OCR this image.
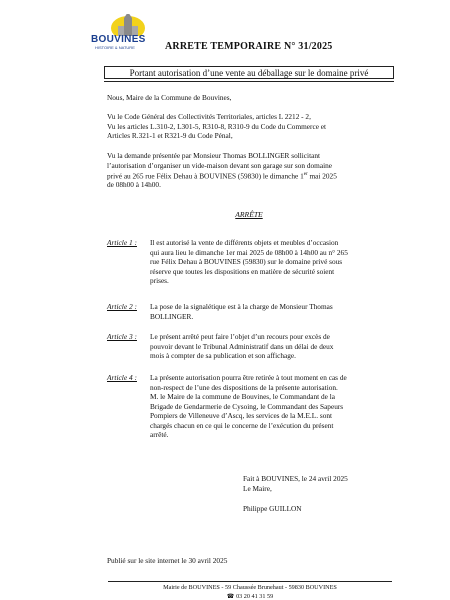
BOUVINES
HISTOIRE & NATURE	ARRETE TEMPORAIRE N° 31/2025
Portant autorisation d’une vente au déballage sur le domaine privé
Nous, Maire de la Commune de Bouvines,
Vu le Code Général des Collectivités Territoriales, articles L 2212 - 2,
Vu les articles L.310-2, L301-5, R310-8, R310-9 du Code du Commerce et
Articles R.321-1 et R321-9 du Code Pénal,
Vu la demande présentée par Monsieur Thomas BOLLINGER sollicitant
l’autorisation d’organiser un vide-maison devant son garage sur son domaine
privé au 265 rue Félix Dehau à BOUVINES (59830) le dimanche 1er mai 2025
de 08h00 à 14h00.
ARRÊTE
Article 1 : Il est autorisé la vente de différents objets et meubles d’occasion
qui aura lieu le dimanche 1er mai 2025 de 08h00 à 14h00 au n° 265
rue Félix Dehau à BOUVINES (59830) sur le domaine privé sous
réserve que toutes les dispositions en matière de sécurité soient
prises.
Article 2 : La pose de la signalétique est à la charge de Monsieur Thomas
BOLLINGER.
Article 3 : Le présent arrêté peut faire l’objet d’un recours pour excès de
pouvoir devant le Tribunal Administratif dans un délai de deux
mois à compter de sa publication et son affichage.
Article 4 : La présente autorisation pourra être retirée à tout moment en cas de
non-respect de l’une des dispositions de la présente autorisation.
M. le Maire de la commune de Bouvines, le Commandant de la
Brigade de Gendarmerie de Cysoing, le Commandant des Sapeurs
Pompiers de Villeneuve d’Ascq, les services de la M.E.L. sont
chargés chacun en ce qui le concerne de l’exécution du présent
arrêté.
Fait à BOUVINES, le 24 avril 2025
Le Maire,
Philippe GUILLON
Publié sur le site internet le 30 avril 2025
Mairie de BOUVINES - 59 Chaussée Brunehaut - 59830 BOUVINES
☎ 03 20 41 31 59
